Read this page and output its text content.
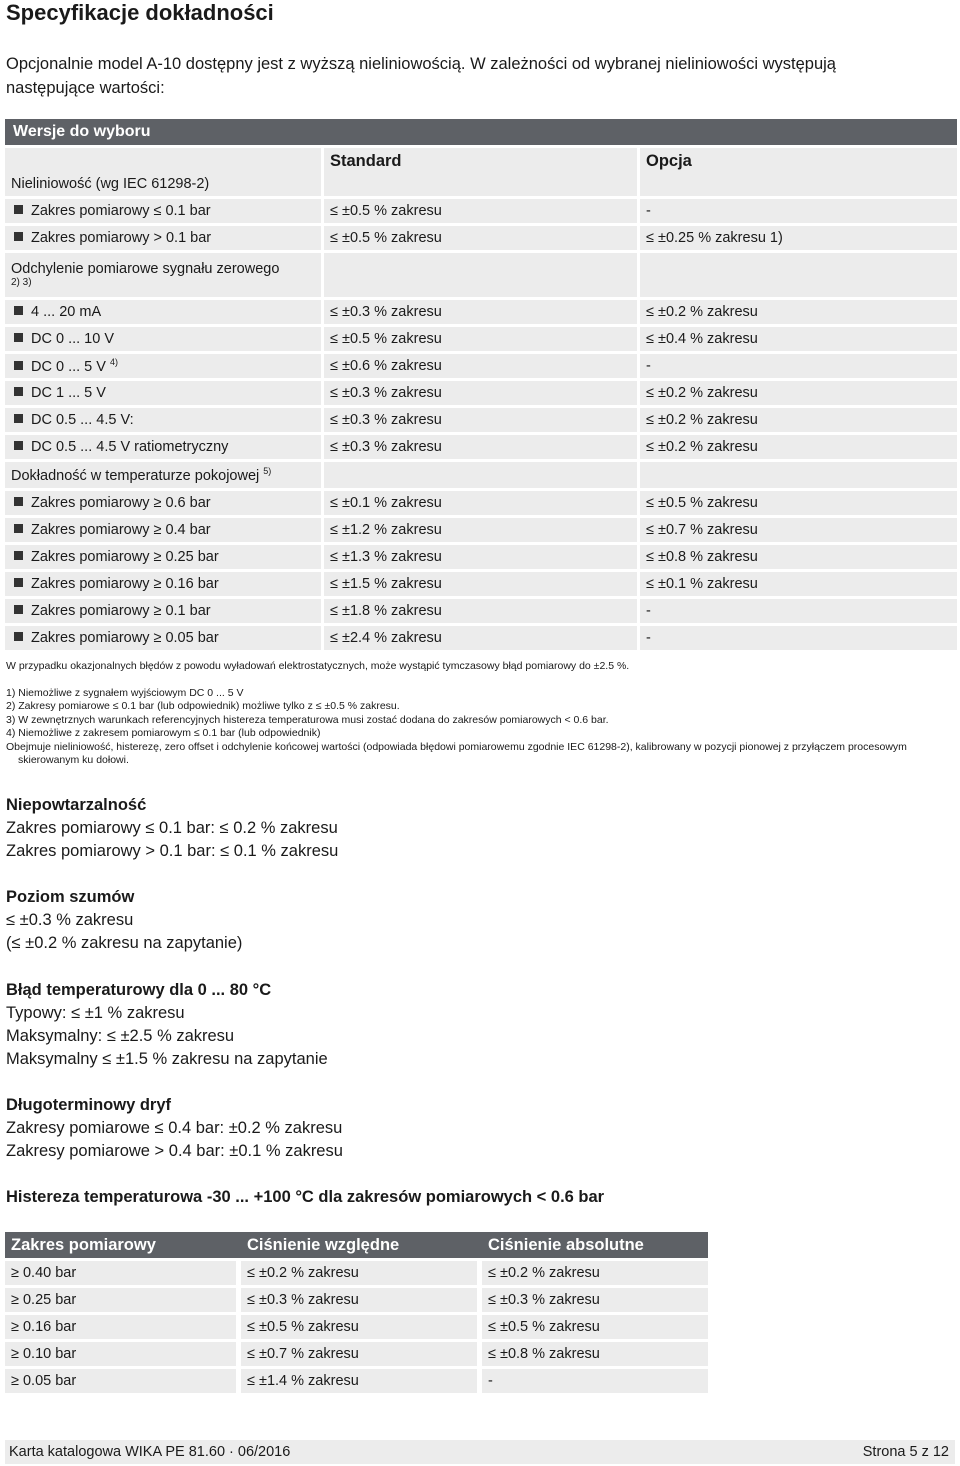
Specyfikacje dokładności

Opcjonalnie model A-10 dostępny jest z wyższą nieliniowością. W zależności od wybranej nieliniowości występują następujące wartości:

Wersje do wyboru				
Nieliniowość (wg IEC 61298-2)		Standard		Opcja
Zakres pomiarowy ≤ 0.1 bar		≤ ±0.5 % zakresu		-
Zakres pomiarowy > 0.1 bar		≤ ±0.5 % zakresu		≤ ±0.25 % zakresu 1)
Odchylenie pomiarowe sygnału zerowego
2) 3)				

4 ... 20 mA		≤ ±0.3 % zakresu		≤ ±0.2 % zakresu
DC 0 ... 10 V		≤ ±0.5 % zakresu		≤ ±0.4 % zakresu
DC 0 ... 5 V $^{4)}$		≤ ±0.6 % zakresu		-
DC 1 ... 5 V		≤ ±0.3 % zakresu		≤ ±0.2 % zakresu
DC 0.5 ... 4.5 V:		≤ ±0.3 % zakresu		≤ ±0.2 % zakresu
DC 0.5 ... 4.5 V ratiometryczny		≤ ±0.3 % zakresu		≤ ±0.2 % zakresu
Dokładność w temperaturze pokojowej $^{5)}$				
Zakres pomiarowy ≥ 0.6 bar		≤ ±0.1 % zakresu		≤ ±0.5 % zakresu
Zakres pomiarowy ≥ 0.4 bar		≤ ±1.2 % zakresu		≤ ±0.7 % zakresu
Zakres pomiarowy ≥ 0.25 bar		≤ ±1.3 % zakresu		≤ ±0.8 % zakresu
Zakres pomiarowy ≥ 0.16 bar		≤ ±1.5 % zakresu		≤ ±0.1 % zakresu
Zakres pomiarowy ≥ 0.1 bar		≤ ±1.8 % zakresu		-
Zakres pomiarowy ≥ 0.05 bar		≤ ±2.4 % zakresu		-

W przypadku okazjonalnych błędów z powodu wyładowań elektrostatycznych, może wystąpić tymczasowy błąd pomiarowy do ±2.5 %.

1) Niemożliwe z sygnałem wyjściowym DC 0 ... 5 V

2) Zakresy pomiarowe ≤ 0.1 bar (lub odpowiednik) możliwe tylko z ≤ ±0.5 % zakresu.

3) W zewnętrznych warunkach referencyjnych histereza temperaturowa musi zostać dodana do zakresów pomiarowych < 0.6 bar.

4) Niemożliwe z zakresem pomiarowym ≤ 0.1 bar (lub odpowiednik)

Obejmuje nieliniowość, histerezę, zero offset i odchylenie końcowej wartości (odpowiada błędowi pomiarowemu zgodnie IEC 61298-2), kalibrowany w pozycji pionowej z przyłączem procesowym skierowanym ku dołowi.

Niepowtarzalność

Zakres pomiarowy ≤ 0.1 bar: ≤ 0.2 % zakresu

Zakres pomiarowy > 0.1 bar: ≤ 0.1 % zakresu

Poziom szumów

≤ ±0.3 % zakresu

(≤ ±0.2 % zakresu na zapytanie)

Błąd temperaturowy dla 0 ... 80 °C

Typowy: ≤ ±1 % zakresu

Maksymalny: ≤ ±2.5 % zakresu

Maksymalny ≤ ±1.5 % zakresu na zapytanie

Długoterminowy dryf

Zakresy pomiarowe ≤ 0.4 bar: ±0.2 % zakresu

Zakresy pomiarowe > 0.4 bar: ±0.1 % zakresu

Histereza temperaturowa -30 ... +100 °C dla zakresów pomiarowych < 0.6 bar
Zakres pomiarowy		Ciśnienie względne		Ciśnienie absolutne
≥ 0.40 bar		≤ ±0.2 % zakresu		≤ ±0.2 % zakresu
≥ 0.25 bar		≤ ±0.3 % zakresu		≤ ±0.3 % zakresu
≥ 0.16 bar		≤ ±0.5 % zakresu		≤ ±0.5 % zakresu
≥ 0.10 bar		≤ ±0.7 % zakresu		≤ ±0.8 % zakresu
≥ 0.05 bar		≤ ±1.4 % zakresu		-
Karta katalogowa WIKA PE 81.60 · 06/2016	Strona 5 z 12
